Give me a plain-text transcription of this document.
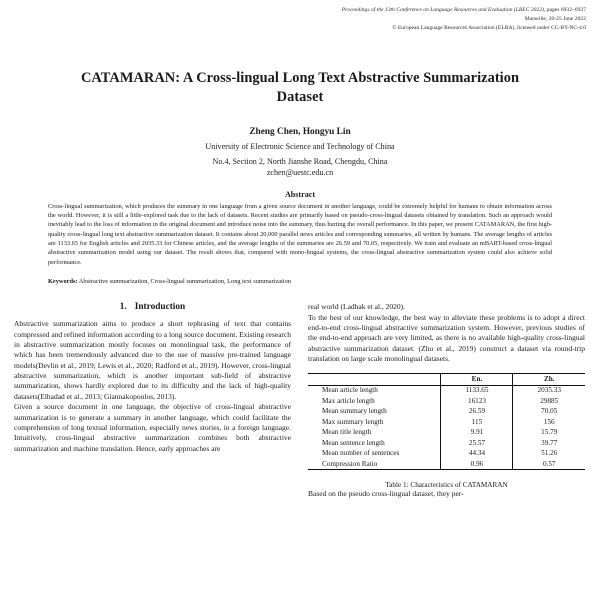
Proceedings of the 13th Conference on Language Resources and Evaluation (LREC 2022), pages 6932–6937
Marseille, 20-25 June 2022
© European Language Resources Association (ELRA), licensed under CC-BY-NC-4.0
CATAMARAN: A Cross-lingual Long Text Abstractive Summarization Dataset
Zheng Chen, Hongyu Lin
University of Electronic Science and Technology of China
No.4, Section 2, North Jianshe Road, Chengdu, China
zchen@uestc.edu.cn
Abstract
Cross-lingual summarization, which produces the summary in one language from a given source document in another language, could be extremely helpful for humans to obtain information across the world. However, it is still a little-explored task due to the lack of datasets. Recent studies are primarily based on pseudo-cross-lingual datasets obtained by translation. Such an approach would inevitably lead to the loss of information in the original document and introduce noise into the summary, thus hurting the overall performance. In this paper, we present CATAMARAN, the first high-quality cross-lingual long text abstractive summarization dataset. It contains about 20,000 parallel news articles and corresponding summaries, all written by humans. The average lengths of articles are 1133.65 for English articles and 2035.33 for Chinese articles, and the average lengths of the summaries are 26.59 and 70.05, respectively. We train and evaluate an mBART-based cross-lingual abstractive summarization model using our dataset. The result shows that, compared with mono-lingual systems, the cross-lingual abstractive summarization system could also achieve solid performance.
Keywords: Abstractive summarization, Cross-lingual summarization, Long text summarization
1. Introduction

Abstractive summarization aims to produce a short rephrasing of text that contains compressed and refined information according to a long source document. Existing research in abstractive summarization mostly focuses on monolingual task, the performance of which has been tremendously advanced due to the use of massive pre-trained language models(Devlin et al., 2019; Lewis et al., 2020; Radford et al., 2019). However, cross-lingual abstractive summarization, which is another important sub-field of abstractive summarization, shows hardly explored due to its difficulty and the lack of high-quality datasets(Elhadad et al., 2013; Giannakopoulos, 2013).

Given a source document in one language, the objective of cross-lingual abstractive summarization is to generate a summary in another language, which could facilitate the comprehension of long textual information, especially news stories, in a foreign language. Intuitively, cross-lingual abstractive summarization combines both abstractive summarization and machine translation. Hence, early approaches are

real world (Ladhak et al., 2020).

To the best of our knowledge, the best way to alleviate these problems is to adopt a direct end-to-end cross-lingual abstractive summarization system. However, previous studies of the end-to-end approach are very limited, as there is no available high-quality cross-lingual abstractive summarization dataset. (Zhu et al., 2019) construct a dataset via round-trip translation on large scale monolingual datasets.

	En.	Zh.
Mean article length	1133.65	2035.33
Max article length	16123	29885
Mean summary length	26.59	70.05
Max summary length	115	156
Mean title length	9.91	15.79
Mean sentence length	25.57	39.77
Mean number of sentences	44.34	51.26
Compression Ratio	0.96	0.57
Table 1: Characteristics of CATAMARAN

Based on the pseudo cross-lingual dataset, they per-
